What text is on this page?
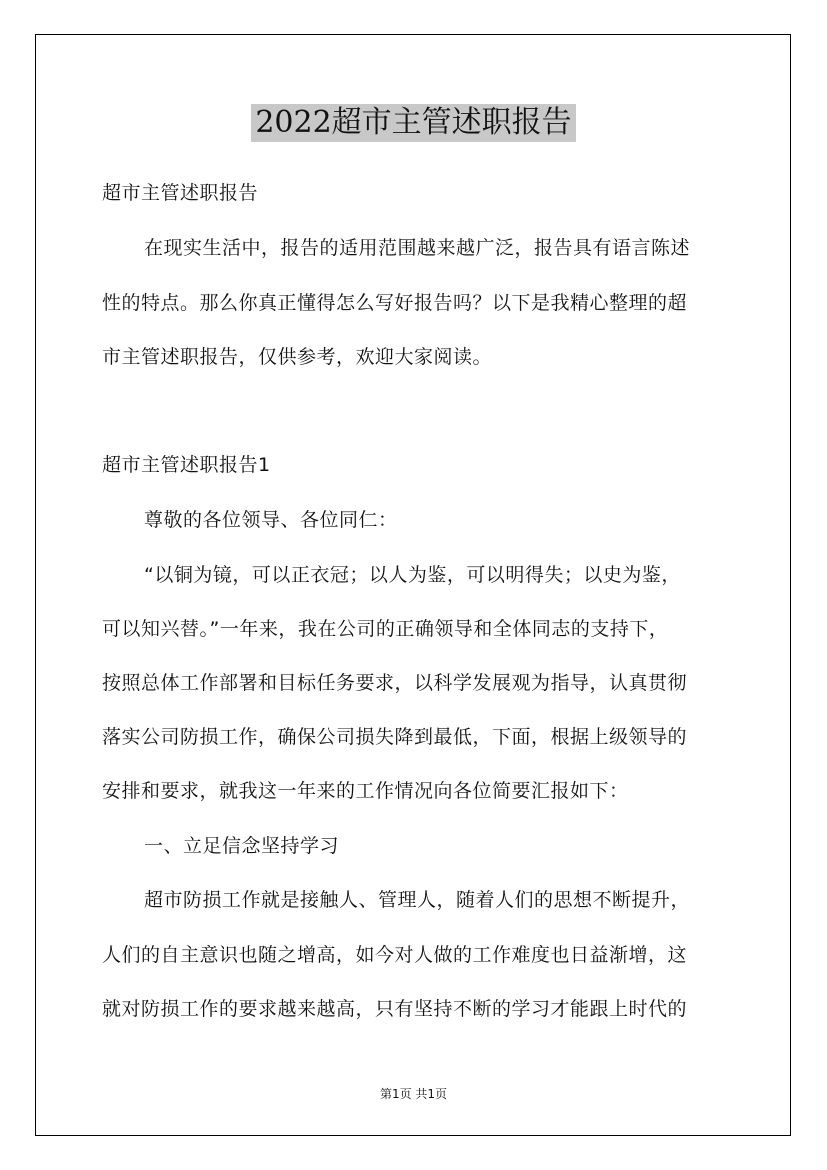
2022超市主管述职报告
超市主管述职报告
在现实生活中，报告的适用范围越来越广泛，报告具有语言陈述
性的特点。那么你真正懂得怎么写好报告吗？以下是我精心整理的超
市主管述职报告，仅供参考，欢迎大家阅读。
超市主管述职报告1
尊敬的各位领导、各位同仁：
“以铜为镜，可以正衣冠；以人为鉴，可以明得失；以史为鉴，
可以知兴替。”一年来，我在公司的正确领导和全体同志的支持下，
按照总体工作部署和目标任务要求，以科学发展观为指导，认真贯彻
落实公司防损工作，确保公司损失降到最低，下面，根据上级领导的
安排和要求，就我这一年来的工作情况向各位简要汇报如下：
一、立足信念坚持学习
超市防损工作就是接触人、管理人，随着人们的思想不断提升，
人们的自主意识也随之增高，如今对人做的工作难度也日益渐增，这
就对防损工作的要求越来越高，只有坚持不断的学习才能跟上时代的
第1页 共1页
